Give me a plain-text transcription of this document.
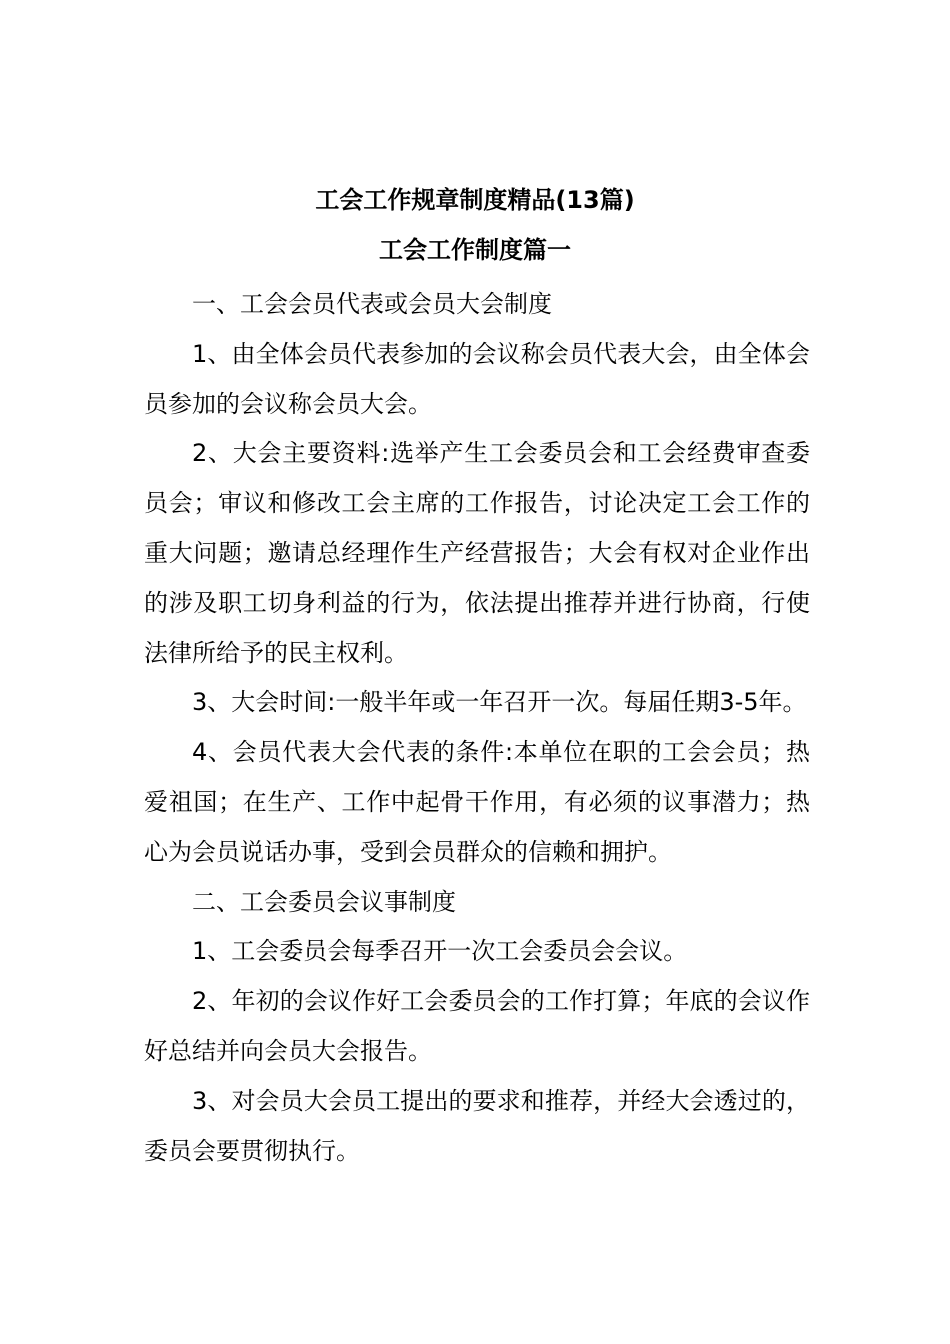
工会工作规章制度精品(13篇)
工会工作制度篇一

一、工会会员代表或会员大会制度

1、由全体会员代表参加的会议称会员代表大会，由全体会员参加的会议称会员大会。

2、大会主要资料:选举产生工会委员会和工会经费审查委员会；审议和修改工会主席的工作报告，讨论决定工会工作的重大问题；邀请总经理作生产经营报告；大会有权对企业作出的涉及职工切身利益的行为，依法提出推荐并进行协商，行使法律所给予的民主权利。

3、大会时间:一般半年或一年召开一次。每届任期3-5年。

4、会员代表大会代表的条件:本单位在职的工会会员；热爱祖国；在生产、工作中起骨干作用，有必须的议事潜力；热心为会员说话办事，受到会员群众的信赖和拥护。

二、工会委员会议事制度

1、工会委员会每季召开一次工会委员会会议。

2、年初的会议作好工会委员会的工作打算；年底的会议作好总结并向会员大会报告。

3、对会员大会员工提出的要求和推荐，并经大会透过的，委员会要贯彻执行。
